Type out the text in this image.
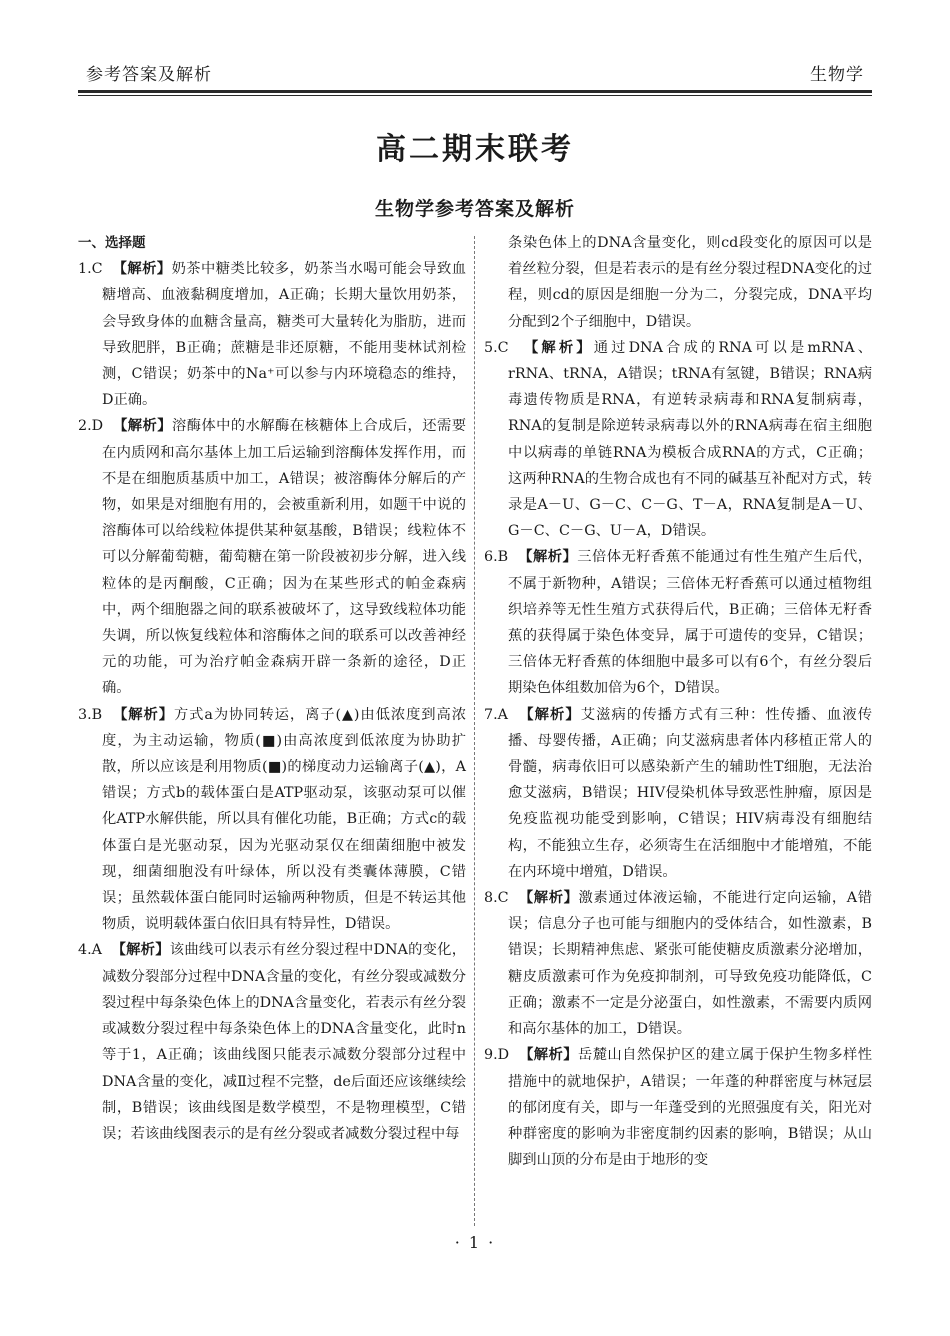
参考答案及解析	生物学
高二期末联考
生物学参考答案及解析
一、选择题

1.C 【解析】奶茶中糖类比较多，奶茶当水喝可能会导致血糖增高、血液黏稠度增加，A正确；长期大量饮用奶茶，会导致身体的血糖含量高，糖类可大量转化为脂肪，进而导致肥胖，B正确；蔗糖是非还原糖，不能用斐林试剂检测，C错误；奶茶中的Na⁺可以参与内环境稳态的维持，D正确。

2.D 【解析】溶酶体中的水解酶在核糖体上合成后，还需要在内质网和高尔基体上加工后运输到溶酶体发挥作用，而不是在细胞质基质中加工，A错误；被溶酶体分解后的产物，如果是对细胞有用的，会被重新利用，如题干中说的溶酶体可以给线粒体提供某种氨基酸，B错误；线粒体不可以分解葡萄糖，葡萄糖在第一阶段被初步分解，进入线粒体的是丙酮酸，C正确；因为在某些形式的帕金森病中，两个细胞器之间的联系被破坏了，这导致线粒体功能失调，所以恢复线粒体和溶酶体之间的联系可以改善神经元的功能，可为治疗帕金森病开辟一条新的途径，D正确。

3.B 【解析】方式a为协同转运，离子(▲)由低浓度到高浓度，为主动运输，物质(■)由高浓度到低浓度为协助扩散，所以应该是利用物质(■)的梯度动力运输离子(▲)，A错误；方式b的载体蛋白是ATP驱动泵，该驱动泵可以催化ATP水解供能，所以具有催化功能，B正确；方式c的载体蛋白是光驱动泵，因为光驱动泵仅在细菌细胞中被发现，细菌细胞没有叶绿体，所以没有类囊体薄膜，C错误；虽然载体蛋白能同时运输两种物质，但是不转运其他物质，说明载体蛋白依旧具有特异性，D错误。

4.A 【解析】该曲线可以表示有丝分裂过程中DNA的变化，减数分裂部分过程中DNA含量的变化，有丝分裂或减数分裂过程中每条染色体上的DNA含量变化，若表示有丝分裂或减数分裂过程中每条染色体上的DNA含量变化，此时n等于1，A正确；该曲线图只能表示减数分裂部分过程中DNA含量的变化，减Ⅱ过程不完整，de后面还应该继续绘制，B错误；该曲线图是数学模型，不是物理模型，C错误；若该曲线图表示的是有丝分裂或者减数分裂过程中每

条染色体上的DNA含量变化，则cd段变化的原因可以是着丝粒分裂，但是若表示的是有丝分裂过程DNA变化的过程，则cd的原因是细胞一分为二，分裂完成，DNA平均分配到2个子细胞中，D错误。

5.C 【解析】通过DNA合成的RNA可以是mRNA、rRNA、tRNA，A错误；tRNA有氢键，B错误；RNA病毒遗传物质是RNA，有逆转录病毒和RNA复制病毒，RNA的复制是除逆转录病毒以外的RNA病毒在宿主细胞中以病毒的单链RNA为模板合成RNA的方式，C正确；这两种RNA的生物合成也有不同的碱基互补配对方式，转录是A－U、G－C、C－G、T－A，RNA复制是A－U、G－C、C－G、U－A，D错误。

6.B 【解析】三倍体无籽香蕉不能通过有性生殖产生后代，不属于新物种，A错误；三倍体无籽香蕉可以通过植物组织培养等无性生殖方式获得后代，B正确；三倍体无籽香蕉的获得属于染色体变异，属于可遗传的变异，C错误；三倍体无籽香蕉的体细胞中最多可以有6个，有丝分裂后期染色体组数加倍为6个，D错误。

7.A 【解析】艾滋病的传播方式有三种：性传播、血液传播、母婴传播，A正确；向艾滋病患者体内移植正常人的骨髓，病毒依旧可以感染新产生的辅助性T细胞，无法治愈艾滋病，B错误；HIV侵染机体导致恶性肿瘤，原因是免疫监视功能受到影响，C错误；HIV病毒没有细胞结构，不能独立生存，必须寄生在活细胞中才能增殖，不能在内环境中增殖，D错误。

8.C 【解析】激素通过体液运输，不能进行定向运输，A错误；信息分子也可能与细胞内的受体结合，如性激素，B错误；长期精神焦虑、紧张可能使糖皮质激素分泌增加，糖皮质激素可作为免疫抑制剂，可导致免疫功能降低，C正确；激素不一定是分泌蛋白，如性激素，不需要内质网和高尔基体的加工，D错误。

9.D 【解析】岳麓山自然保护区的建立属于保护生物多样性措施中的就地保护，A错误；一年蓬的种群密度与林冠层的郁闭度有关，即与一年蓬受到的光照强度有关，阳光对种群密度的影响为非密度制约因素的影响，B错误；从山脚到山顶的分布是由于地形的变

· 1 ·
